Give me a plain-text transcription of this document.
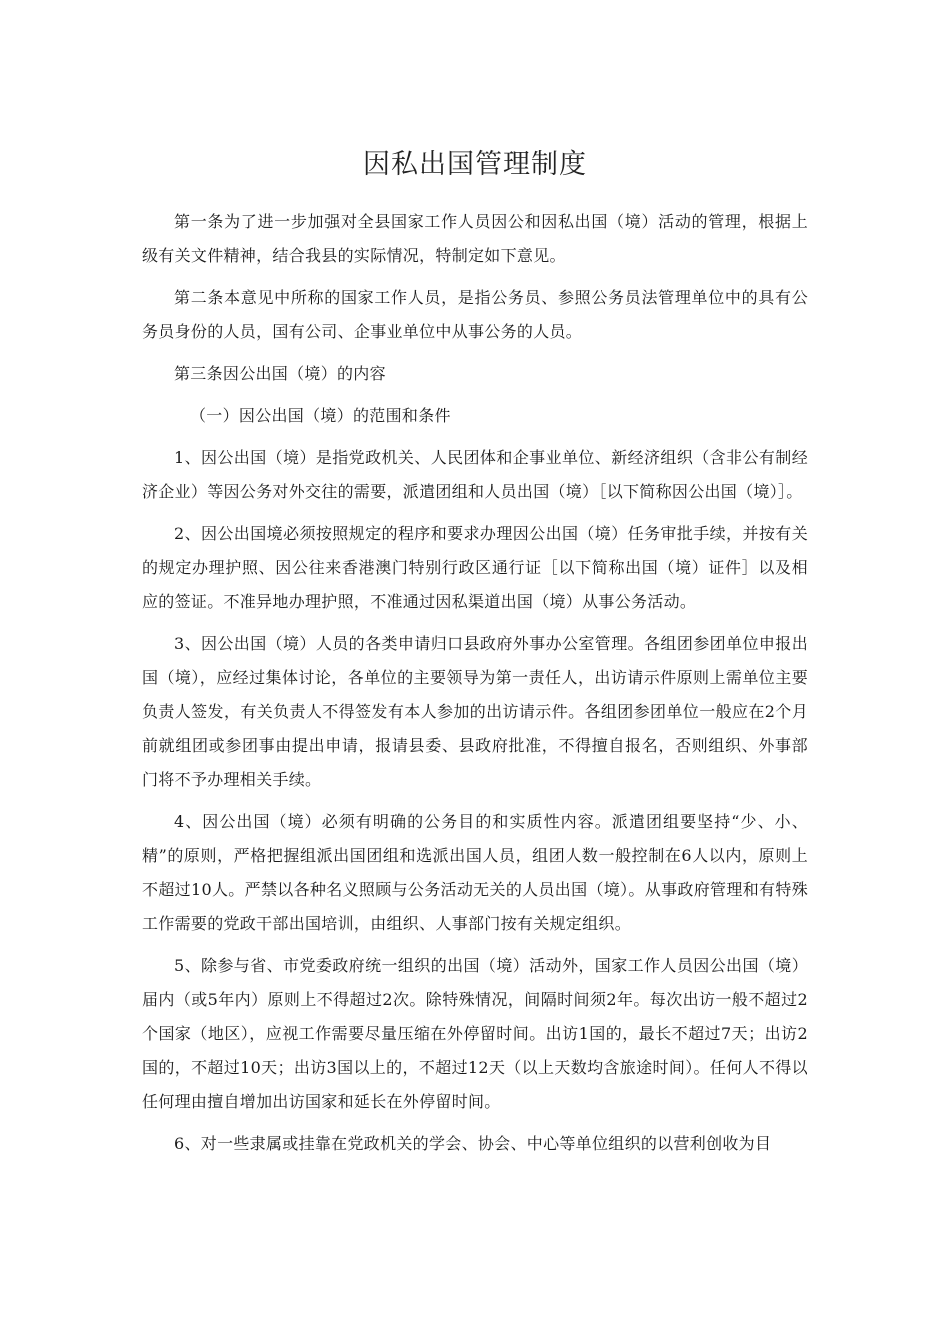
因私出国管理制度

第一条为了进一步加强对全县国家工作人员因公和因私出国（境）活动的管理，根据上级有关文件精神，结合我县的实际情况，特制定如下意见。

第二条本意见中所称的国家工作人员，是指公务员、参照公务员法管理单位中的具有公务员身份的人员，国有公司、企事业单位中从事公务的人员。

第三条因公出国（境）的内容

（一）因公出国（境）的范围和条件

1、因公出国（境）是指党政机关、人民团体和企事业单位、新经济组织（含非公有制经济企业）等因公务对外交往的需要，派遣团组和人员出国（境）［以下简称因公出国（境）］。

2、因公出国境必须按照规定的程序和要求办理因公出国（境）任务审批手续，并按有关的规定办理护照、因公往来香港澳门特别行政区通行证［以下简称出国（境）证件］以及相应的签证。不准异地办理护照，不准通过因私渠道出国（境）从事公务活动。

3、因公出国（境）人员的各类申请归口县政府外事办公室管理。各组团参团单位申报出国（境），应经过集体讨论，各单位的主要领导为第一责任人，出访请示件原则上需单位主要负责人签发，有关负责人不得签发有本人参加的出访请示件。各组团参团单位一般应在2个月前就组团或参团事由提出申请，报请县委、县政府批准，不得擅自报名，否则组织、外事部门将不予办理相关手续。

4、因公出国（境）必须有明确的公务目的和实质性内容。派遣团组要坚持“少、小、精”的原则，严格把握组派出国团组和选派出国人员，组团人数一般控制在6人以内，原则上不超过10人。严禁以各种名义照顾与公务活动无关的人员出国（境）。从事政府管理和有特殊工作需要的党政干部出国培训，由组织、人事部门按有关规定组织。

5、除参与省、市党委政府统一组织的出国（境）活动外，国家工作人员因公出国（境）届内（或5年内）原则上不得超过2次。除特殊情况，间隔时间须2年。每次出访一般不超过2个国家（地区），应视工作需要尽量压缩在外停留时间。出访1国的，最长不超过7天；出访2国的，不超过10天；出访3国以上的，不超过12天（以上天数均含旅途时间）。任何人不得以任何理由擅自增加出访国家和延长在外停留时间。

6、对一些隶属或挂靠在党政机关的学会、协会、中心等单位组织的以营利创收为目
